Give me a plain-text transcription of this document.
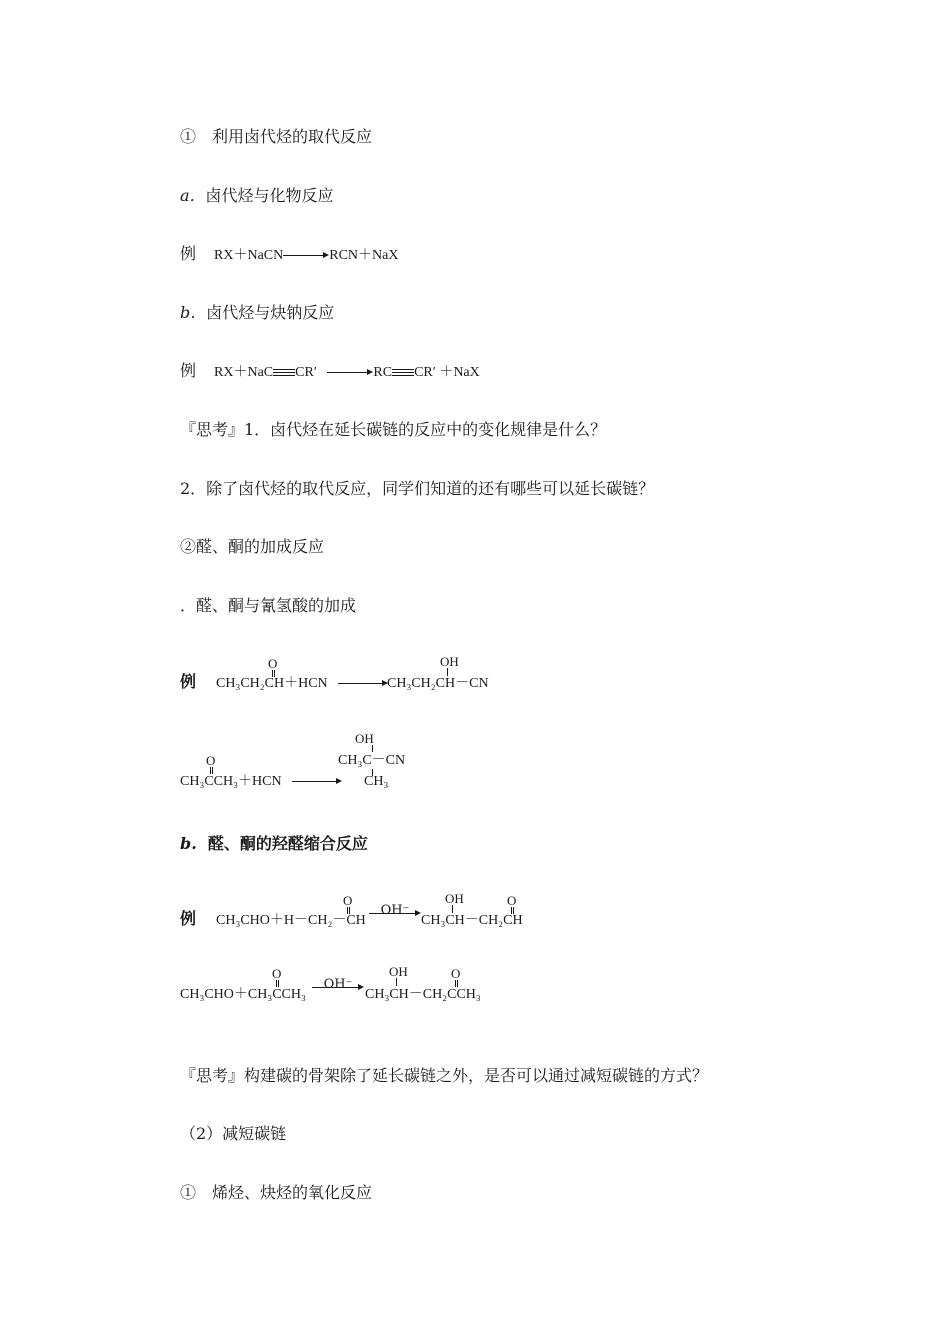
①　利用卤代烃的取代反应
a．卤代烃与化物反应
例 RX＋NaCN	RCN＋NaX
b．卤代烃与炔钠反应
例 RX＋NaC CR′	RC CR′ ＋NaX
『思考』1．卤代烃在延长碳链的反应中的变化规律是什么？
2．除了卤代烃的取代反应，同学们知道的还有哪些可以延长碳链？
②醛、酮的加成反应
．醛、酮与氰氢酸的加成
例
O
CH₃CH₂CH＋HCN
OH
CH₃CH₂CH－CN
OH
O	CH₃C－CN
CH₃CCH₃＋HCN	CH₃
b. 醛、酮的羟醛缩合反应
例
O
CH₃CHO＋H－CH₂－CH
OH⁻
OH	O
CH₃CH－CH₂CH
O
CH₃CHO＋CH₃CCH₃
OH⁻
OH	O
CH₃CH－CH₂CCH₃
『思考』构建碳的骨架除了延长碳链之外，是否可以通过减短碳链的方式？
（2）减短碳链
①　烯烃、炔烃的氧化反应
